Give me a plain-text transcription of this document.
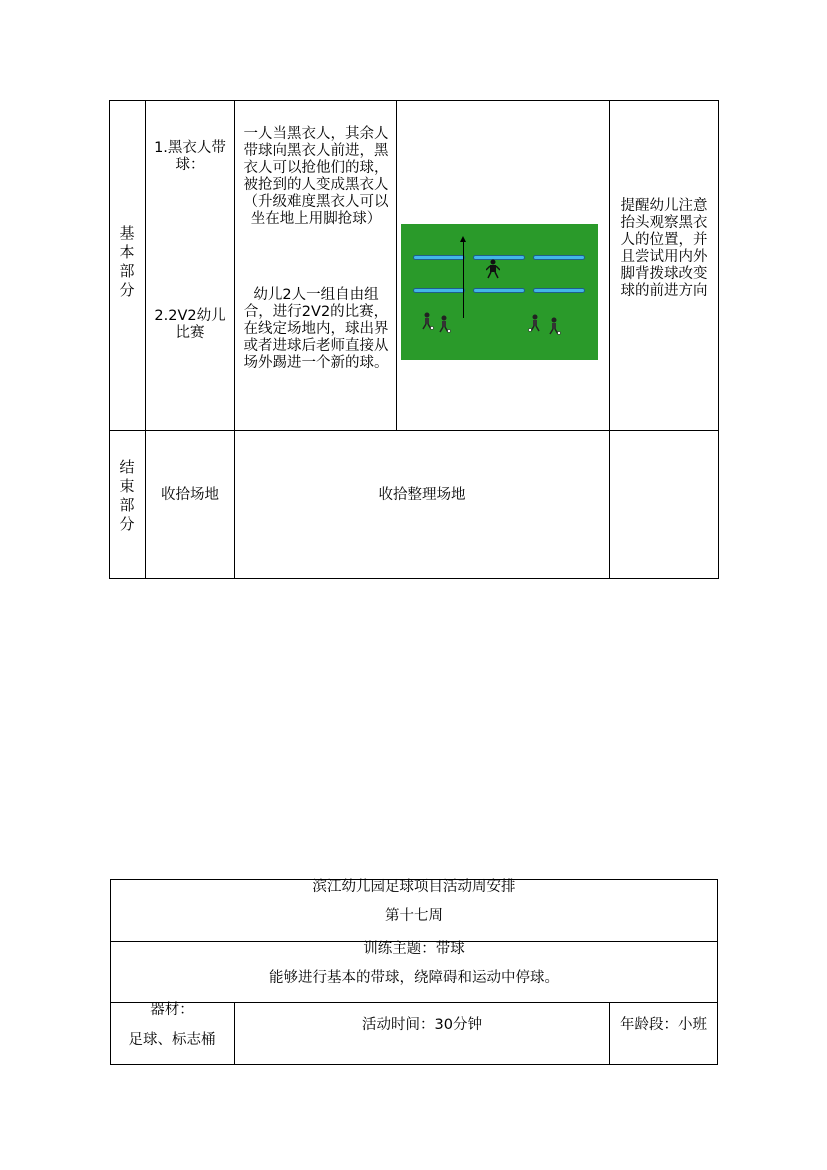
基本部分
1.黑衣人带球：
一人当黑衣人，其余人带球向黑衣人前进，黑衣人可以抢他们的球， 被抢到的人变成黑衣人（升级难度黑衣人可以坐在地上用脚抢球）
2.2V2幼儿比赛
幼儿2人一组自由组合，进行2V2的比赛，在线定场地内，球出界或者进球后老师直接从场外踢进一个新的球。
提醒幼儿注意抬头观察黑衣人的位置，并且尝试用内外脚背拨球改变球的前进方向
结束部分
收拾场地	收拾整理场地
滨江幼儿园足球项目活动周安排
第十七周
训练主题：带球
能够进行基本的带球，绕障碍和运动中停球。
器材：
足球、标志桶
活动时间：30分钟	年龄段：小班
